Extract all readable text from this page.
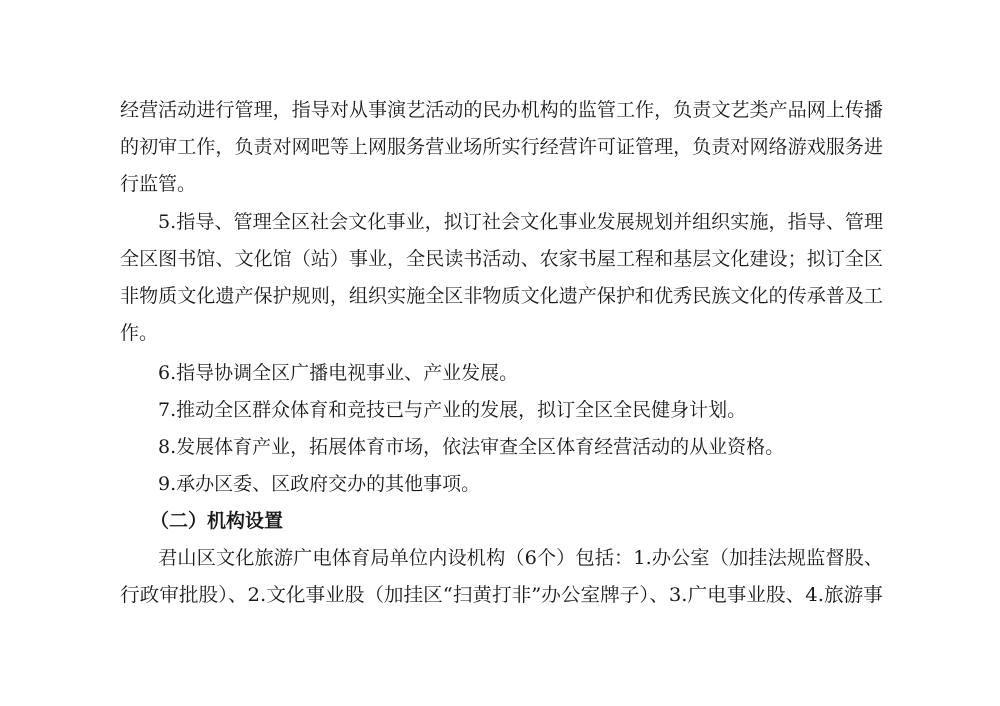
经营活动进行管理，指导对从事演艺活动的民办机构的监管工作，负责文艺类产品网上传播
的初审工作，负责对网吧等上网服务营业场所实行经营许可证管理，负责对网络游戏服务进
行监管。
5.指导、管理全区社会文化事业，拟订社会文化事业发展规划并组织实施，指导、管理
全区图书馆、文化馆（站）事业，全民读书活动、农家书屋工程和基层文化建设；拟订全区
非物质文化遗产保护规则，组织实施全区非物质文化遗产保护和优秀民族文化的传承普及工
作。
6.指导协调全区广播电视事业、产业发展。
7.推动全区群众体育和竞技已与产业的发展，拟订全区全民健身计划。
8.发展体育产业，拓展体育市场，依法审查全区体育经营活动的从业资格。
9.承办区委、区政府交办的其他事项。
（二）机构设置
君山区文化旅游广电体育局单位内设机构（6个）包括：1.办公室（加挂法规监督股、
行政审批股）、2.文化事业股（加挂区“扫黄打非”办公室牌子）、3.广电事业股、4.旅游事
